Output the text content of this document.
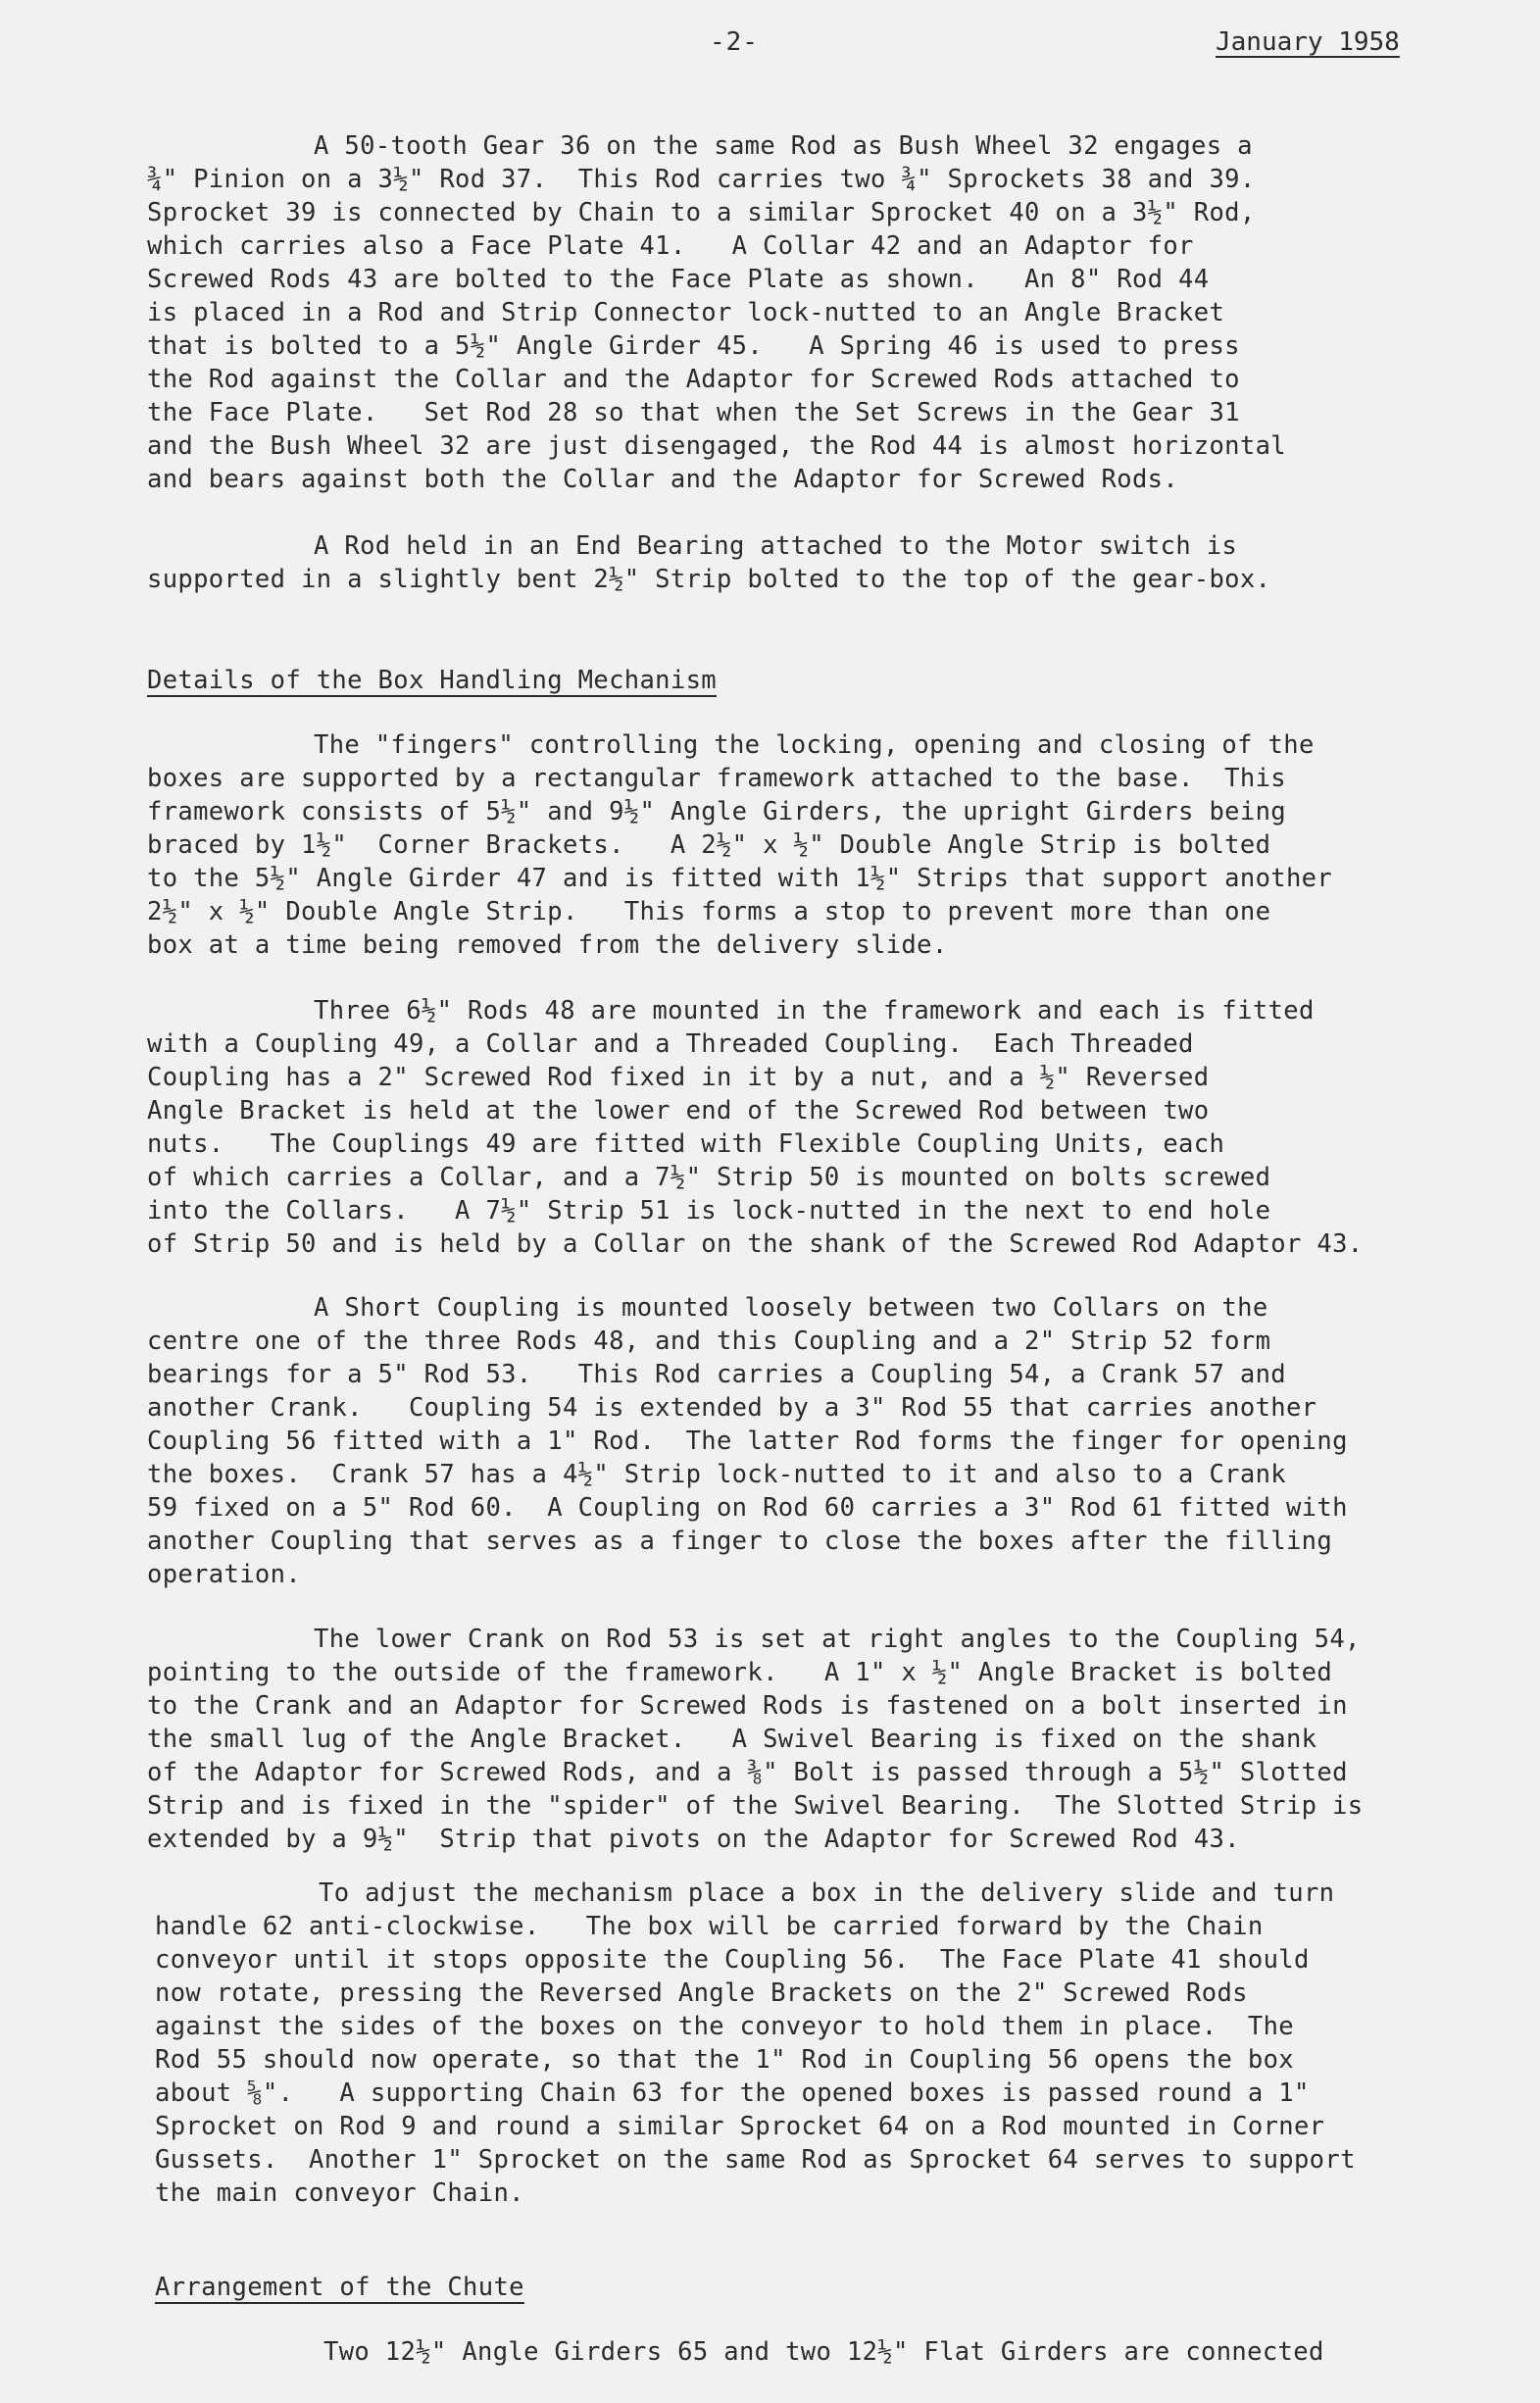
-2-	January 1958
A 50-tooth Gear 36 on the same Rod as Bush Wheel 32 engages a
¾" Pinion on a 3½" Rod 37.  This Rod carries two ¾" Sprockets 38 and 39.
Sprocket 39 is connected by Chain to a similar Sprocket 40 on a 3½" Rod,
which carries also a Face Plate 41.   A Collar 42 and an Adaptor for
Screwed Rods 43 are bolted to the Face Plate as shown.   An 8" Rod 44
is placed in a Rod and Strip Connector lock-nutted to an Angle Bracket
that is bolted to a 5½" Angle Girder 45.   A Spring 46 is used to press
the Rod against the Collar and the Adaptor for Screwed Rods attached to
the Face Plate.   Set Rod 28 so that when the Set Screws in the Gear 31
and the Bush Wheel 32 are just disengaged, the Rod 44 is almost horizontal
and bears against both the Collar and the Adaptor for Screwed Rods.
A Rod held in an End Bearing attached to the Motor switch is
supported in a slightly bent 2½" Strip bolted to the top of the gear-box.
Details of the Box Handling Mechanism
The "fingers" controlling the locking, opening and closing of the
boxes are supported by a rectangular framework attached to the base.  This
framework consists of 5½" and 9½" Angle Girders, the upright Girders being
braced by 1½"  Corner Brackets.   A 2½" x ½" Double Angle Strip is bolted
to the 5½" Angle Girder 47 and is fitted with 1½" Strips that support another
2½" x ½" Double Angle Strip.   This forms a stop to prevent more than one
box at a time being removed from the delivery slide.
Three 6½" Rods 48 are mounted in the framework and each is fitted
with a Coupling 49, a Collar and a Threaded Coupling.  Each Threaded
Coupling has a 2" Screwed Rod fixed in it by a nut, and a ½" Reversed
Angle Bracket is held at the lower end of the Screwed Rod between two
nuts.   The Couplings 49 are fitted with Flexible Coupling Units, each
of which carries a Collar, and a 7½" Strip 50 is mounted on bolts screwed
into the Collars.   A 7½" Strip 51 is lock-nutted in the next to end hole
of Strip 50 and is held by a Collar on the shank of the Screwed Rod Adaptor 43.
A Short Coupling is mounted loosely between two Collars on the
centre one of the three Rods 48, and this Coupling and a 2" Strip 52 form
bearings for a 5" Rod 53.   This Rod carries a Coupling 54, a Crank 57 and
another Crank.   Coupling 54 is extended by a 3" Rod 55 that carries another
Coupling 56 fitted with a 1" Rod.  The latter Rod forms the finger for opening
the boxes.  Crank 57 has a 4½" Strip lock-nutted to it and also to a Crank
59 fixed on a 5" Rod 60.  A Coupling on Rod 60 carries a 3" Rod 61 fitted with
another Coupling that serves as a finger to close the boxes after the filling
operation.
The lower Crank on Rod 53 is set at right angles to the Coupling 54,
pointing to the outside of the framework.   A 1" x ½" Angle Bracket is bolted
to the Crank and an Adaptor for Screwed Rods is fastened on a bolt inserted in
the small lug of the Angle Bracket.   A Swivel Bearing is fixed on the shank
of the Adaptor for Screwed Rods, and a ⅜" Bolt is passed through a 5½" Slotted
Strip and is fixed in the "spider" of the Swivel Bearing.  The Slotted Strip is
extended by a 9½"  Strip that pivots on the Adaptor for Screwed Rod 43.
To adjust the mechanism place a box in the delivery slide and turn
handle 62 anti-clockwise.   The box will be carried forward by the Chain
conveyor until it stops opposite the Coupling 56.  The Face Plate 41 should
now rotate, pressing the Reversed Angle Brackets on the 2" Screwed Rods
against the sides of the boxes on the conveyor to hold them in place.  The
Rod 55 should now operate, so that the 1" Rod in Coupling 56 opens the box
about ⅝".   A supporting Chain 63 for the opened boxes is passed round a 1"
Sprocket on Rod 9 and round a similar Sprocket 64 on a Rod mounted in Corner
Gussets.  Another 1" Sprocket on the same Rod as Sprocket 64 serves to support
the main conveyor Chain.
Arrangement of the Chute
Two 12½" Angle Girders 65 and two 12½" Flat Girders are connected
